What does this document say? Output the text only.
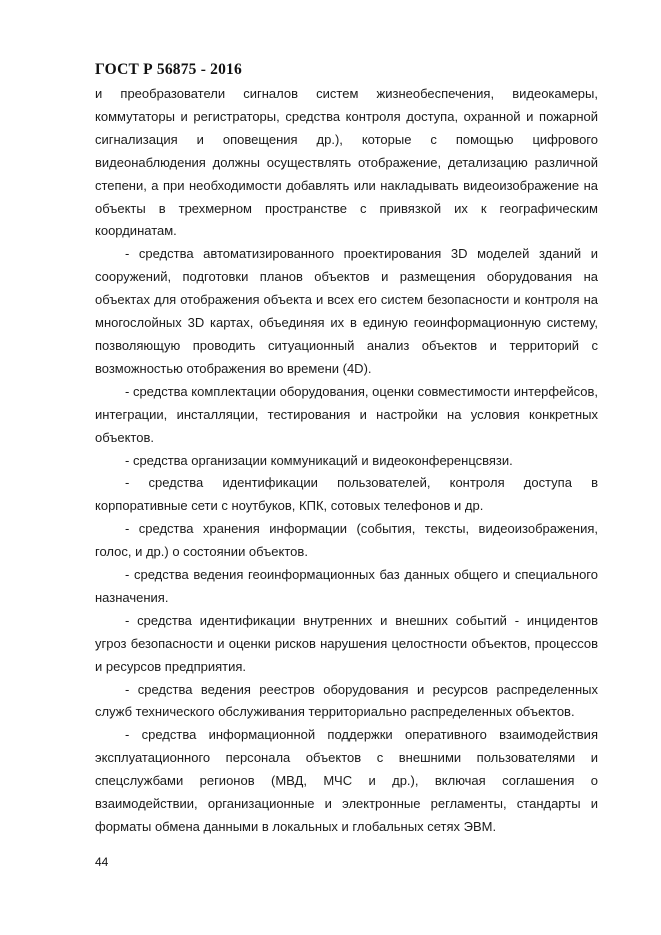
ГОСТ Р 56875 - 2016

и преобразователи сигналов систем жизнеобеспечения, видеокамеры, коммутаторы и регистраторы, средства контроля доступа, охранной и пожарной сигнализация и оповещения др.), которые с помощью цифрового видеонаблюдения должны осуществлять отображение, детализацию различной степени, а при необходимости добавлять или накладывать видеоизображение на объекты в трехмерном пространстве с привязкой их к географическим координатам.

- средства автоматизированного проектирования 3D моделей зданий и сооружений, подготовки планов объектов и размещения оборудования на объектах для отображения объекта и всех его систем безопасности и контроля на многослойных 3D картах, объединяя их в единую геоинформационную систему, позволяющую проводить ситуационный анализ объектов и территорий с возможностью отображения во времени (4D).

- средства комплектации оборудования, оценки совместимости интерфейсов, интеграции, инсталляции, тестирования и настройки на условия конкретных объектов.

- средства организации коммуникаций и видеоконференцсвязи.

- средства идентификации пользователей, контроля доступа в корпоративные сети с ноутбуков, КПК, сотовых телефонов и др.

- средства хранения информации (события, тексты, видеоизображения, голос, и др.) о состоянии объектов.

- средства ведения геоинформационных баз данных общего и специального назначения.

- средства идентификации внутренних и внешних событий - инцидентов угроз безопасности и оценки рисков нарушения целостности объектов, процессов и ресурсов предприятия.

- средства ведения реестров оборудования и ресурсов распределенных служб технического обслуживания территориально распределенных объектов.

- средства информационной поддержки оперативного взаимодействия эксплуатационного персонала объектов с внешними пользователями и спецслужбами регионов (МВД, МЧС и др.), включая соглашения о взаимодействии, организационные и электронные регламенты, стандарты и форматы обмена данными в локальных и глобальных сетях ЭВМ.

44
